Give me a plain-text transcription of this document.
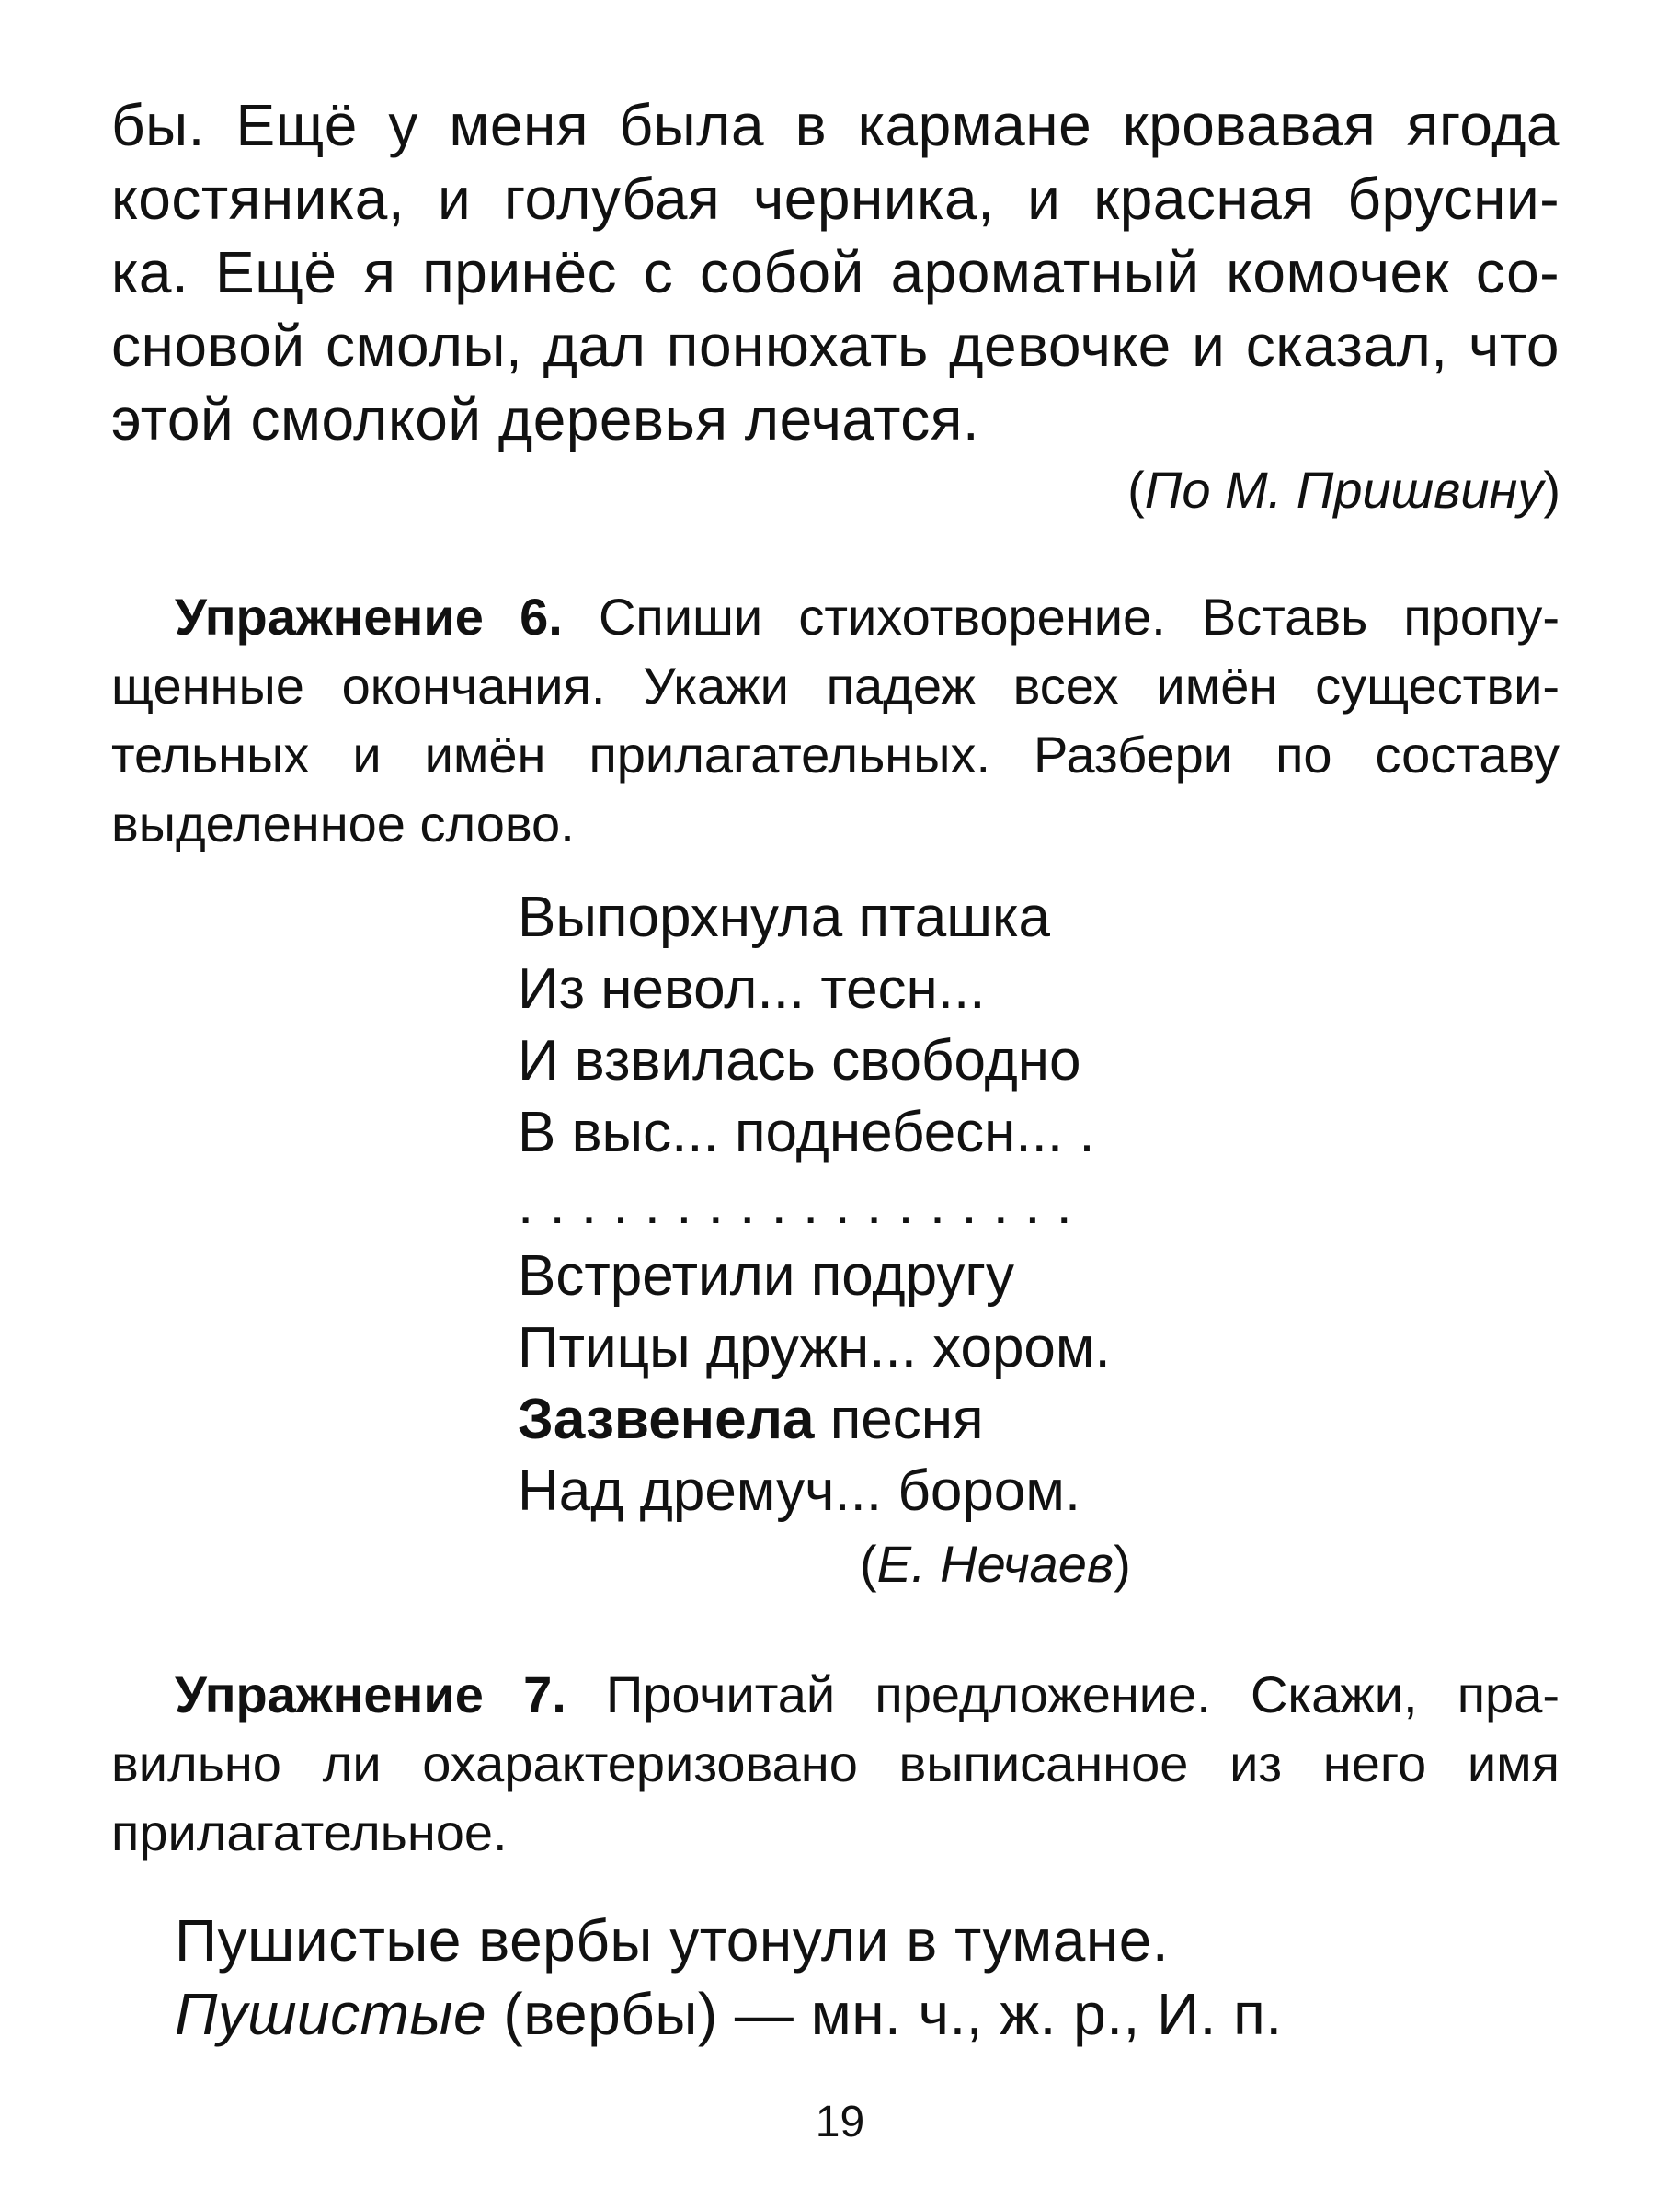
бы. Ещё у меня была в кармане кровавая ягода
костяника, и голубая черника, и красная брусни-
ка. Ещё я принёс с собой ароматный комочек со-
сновой смолы, дал понюхать девочке и сказал, что
этой смолкой деревья лечатся.
(По М. Пришвину)
Упражнение 6. Спиши стихотворение. Вставь пропу-
щенные окончания. Укажи падеж всех имён существи-
тельных и имён прилагательных. Разбери по составу
выделенное слово.
Выпорхнула пташка
Из невол... тесн...
И взвилась свободно
В выс... поднебесн... .
. . . . . . . . . . . . . . . . . .
Встретили подругу
Птицы дружн... хором.
Зазвенела песня
Над дремуч... бором.
(Е. Нечаев)
Упражнение 7. Прочитай предложение. Скажи, пра-
вильно ли охарактеризовано выписанное из него имя
прилагательное.
Пушистые вербы утонули в тумане.
Пушистые (вербы) — мн. ч., ж. р., И. п.
19
